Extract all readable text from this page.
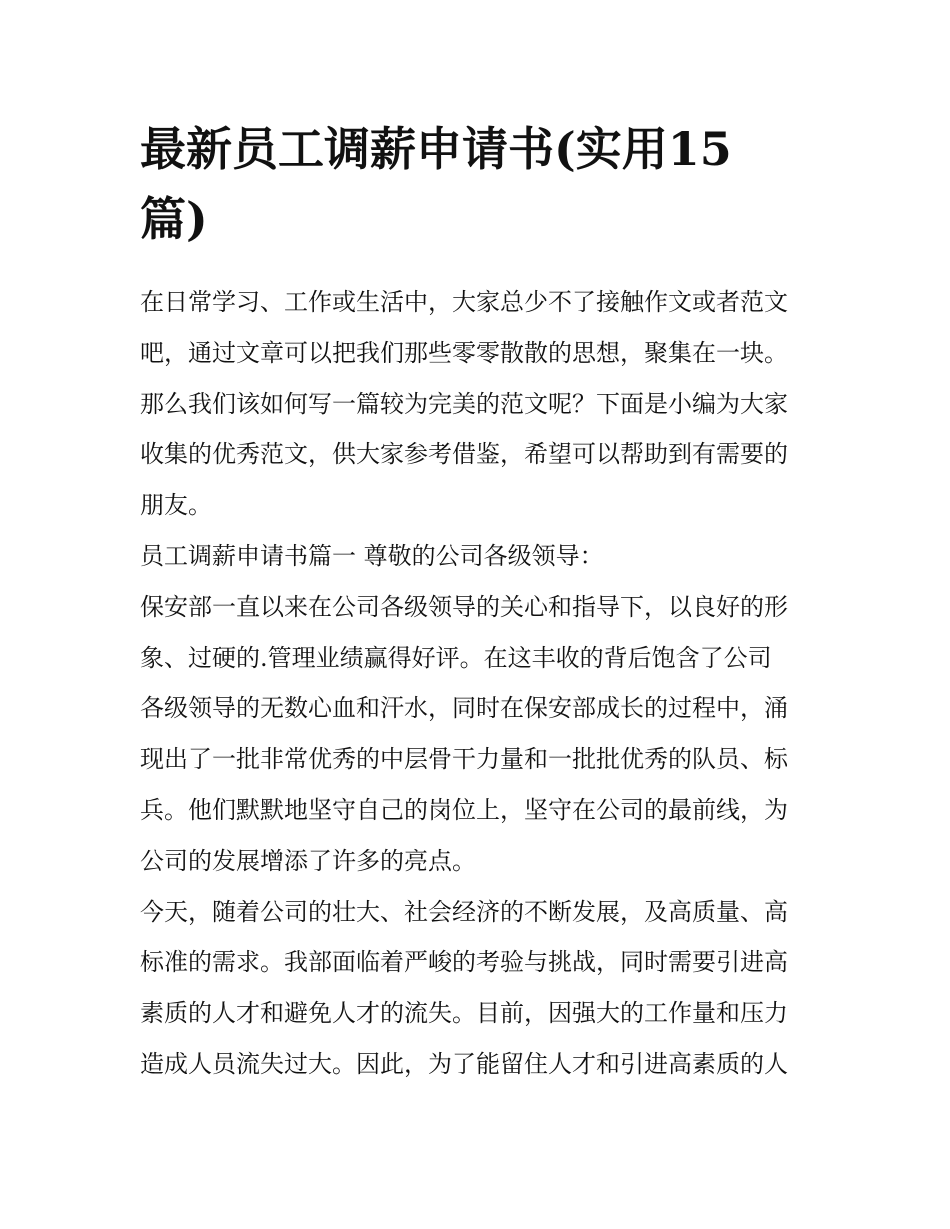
最新员工调薪申请书(实用15
篇)
在日常学习、工作或生活中，大家总少不了接触作文或者范文
吧，通过文章可以把我们那些零零散散的思想，聚集在一块。
那么我们该如何写一篇较为完美的范文呢？下面是小编为大家
收集的优秀范文，供大家参考借鉴，希望可以帮助到有需要的
朋友。
员工调薪申请书篇一 尊敬的公司各级领导：
保安部一直以来在公司各级领导的关心和指导下，以良好的形
象、过硬的.管理业绩赢得好评。在这丰收的背后饱含了公司
各级领导的无数心血和汗水，同时在保安部成长的过程中，涌
现出了一批非常优秀的中层骨干力量和一批批优秀的队员、标
兵。他们默默地坚守自己的岗位上，坚守在公司的最前线，为
公司的发展增添了许多的亮点。
今天，随着公司的壮大、社会经济的不断发展，及高质量、高
标准的需求。我部面临着严峻的考验与挑战，同时需要引进高
素质的人才和避免人才的流失。目前，因强大的工作量和压力
造成人员流失过大。因此，为了能留住人才和引进高素质的人
